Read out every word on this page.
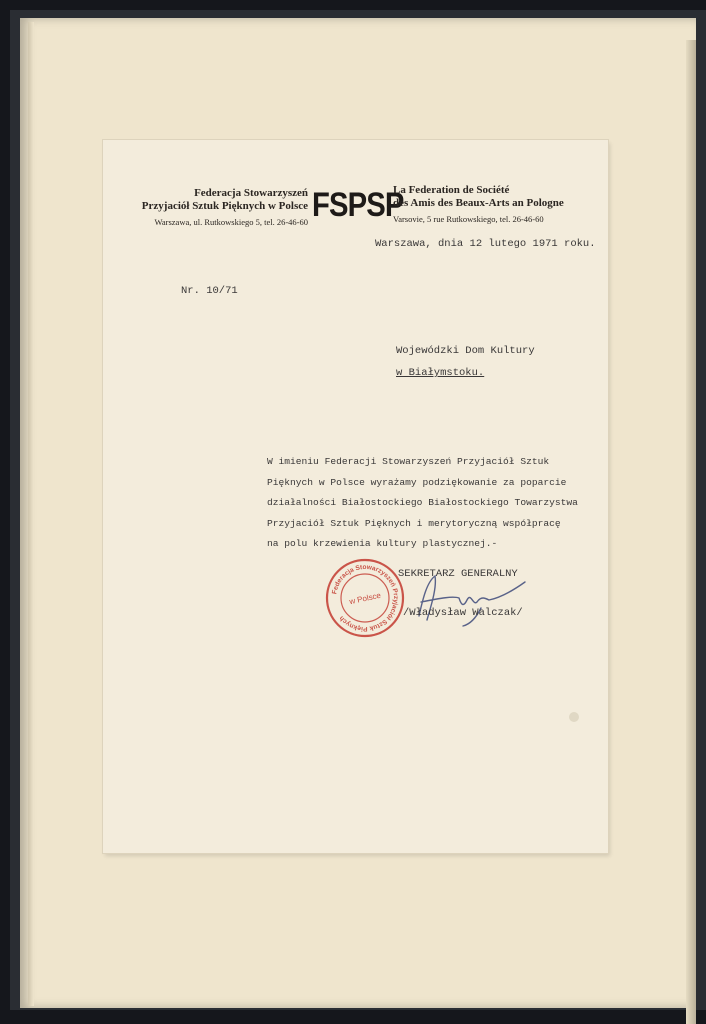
Federacja Stowarzyszeń
Przyjaciół Sztuk Pięknych w Polsce
Warszawa, ul. Rutkowskiego 5, tel. 26-46-60 FSPSP
La Federation de Société
des Amis des Beaux-Arts an Pologne
Varsovie, 5 rue Rutkowskiego, tel. 26-46-60
Warszawa, dnia 12 lutego 1971 roku.
Nr. 10/71
Wojewódzki Dom Kultury
w Białymstoku.
W imieniu Federacji Stowarzyszeń Przyjaciół Sztuk
Pięknych w Polsce wyrażamy podziękowanie za poparcie
działalności Białostockiego Białostockiego Towarzystwa
Przyjaciół Sztuk Pięknych i merytoryczną współpracę
na polu krzewienia kultury plastycznej.-
Federacja Stowarzyszeń Przyjaciół Sztuk Pięknych
w Polsce
SEKRETARZ GENERALNY
/Władysław Walczak/
